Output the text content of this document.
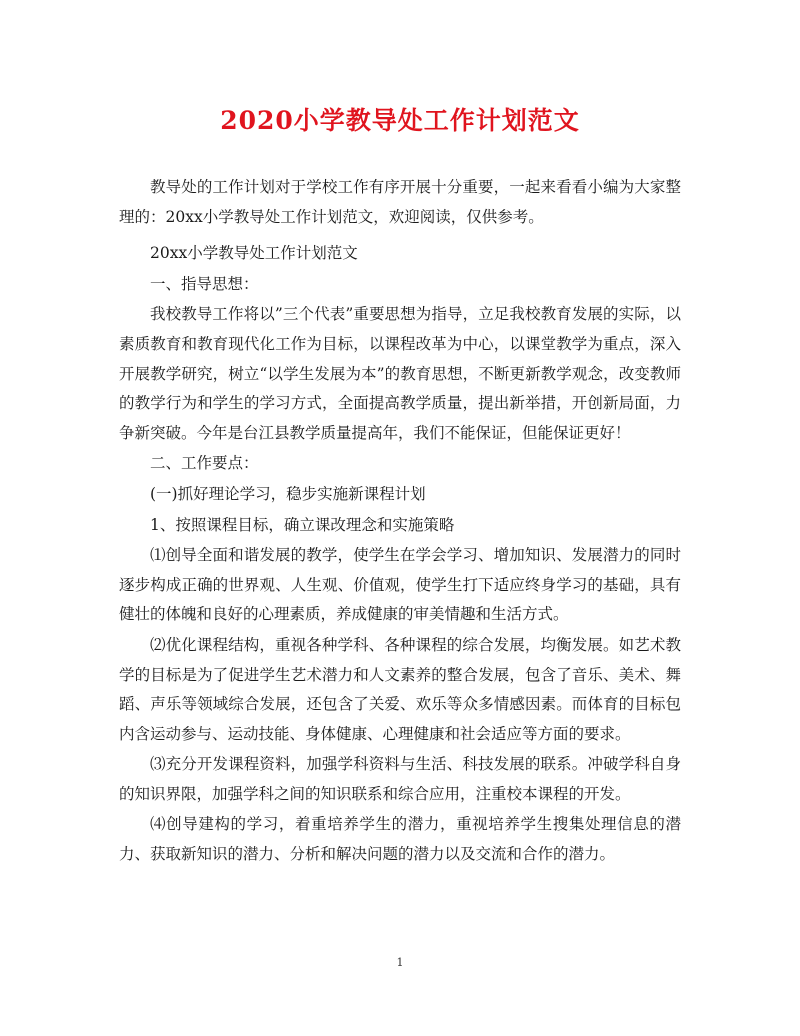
2020小学教导处工作计划范文

教导处的工作计划对于学校工作有序开展十分重要，一起来看看小编为大家整理的：20xx小学教导处工作计划范文，欢迎阅读，仅供参考。

20xx小学教导处工作计划范文

一、指导思想：

我校教导工作将以”三个代表”重要思想为指导，立足我校教育发展的实际，以素质教育和教育现代化工作为目标，以课程改革为中心，以课堂教学为重点，深入开展教学研究，树立“以学生发展为本”的教育思想，不断更新教学观念，改变教师的教学行为和学生的学习方式，全面提高教学质量，提出新举措，开创新局面，力争新突破。今年是台江县教学质量提高年，我们不能保证，但能保证更好！

二、工作要点：

(一)抓好理论学习，稳步实施新课程计划

1、按照课程目标，确立课改理念和实施策略

⑴创导全面和谐发展的教学，使学生在学会学习、增加知识、发展潜力的同时逐步构成正确的世界观、人生观、价值观，使学生打下适应终身学习的基础，具有健壮的体魄和良好的心理素质，养成健康的审美情趣和生活方式。

⑵优化课程结构，重视各种学科、各种课程的综合发展，均衡发展。如艺术教学的目标是为了促进学生艺术潜力和人文素养的整合发展，包含了音乐、美术、舞蹈、声乐等领域综合发展，还包含了关爱、欢乐等众多情感因素。而体育的目标包内含运动参与、运动技能、身体健康、心理健康和社会适应等方面的要求。

⑶充分开发课程资料，加强学科资料与生活、科技发展的联系。冲破学科自身的知识界限，加强学科之间的知识联系和综合应用，注重校本课程的开发。

⑷创导建构的学习，着重培养学生的潜力，重视培养学生搜集处理信息的潜力、获取新知识的潜力、分析和解决问题的潜力以及交流和合作的潜力。

1
